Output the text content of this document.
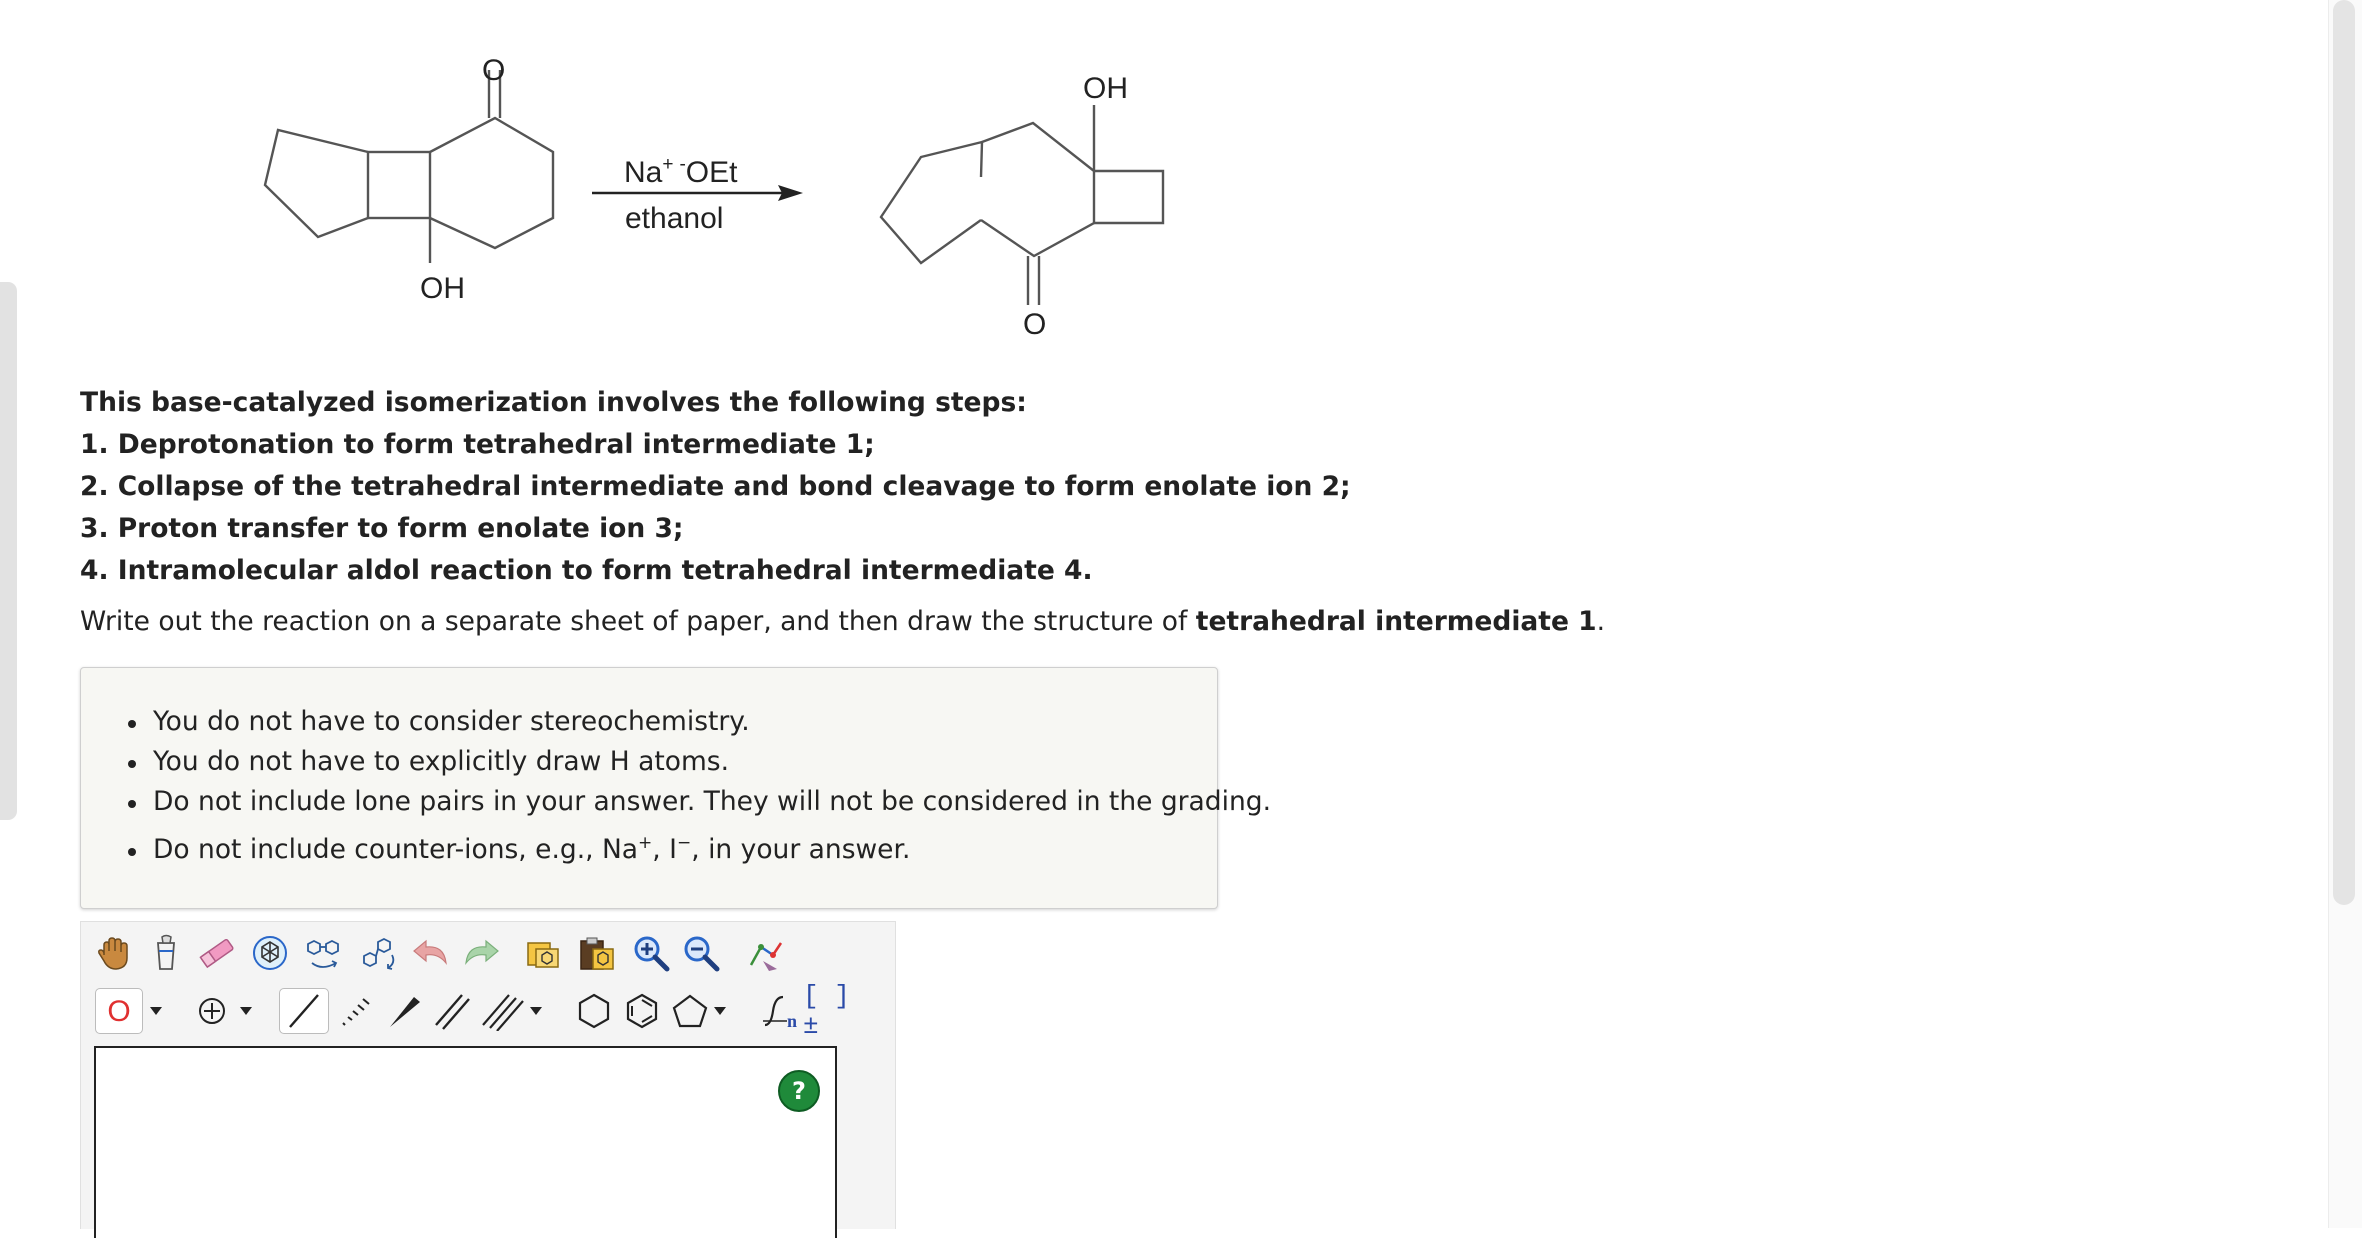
O
OH
Na+ -OEt
ethanol
OH
O
This base-catalyzed isomerization involves the following steps:
1. Deprotonation to form tetrahedral intermediate 1;
2. Collapse of the tetrahedral intermediate and bond cleavage to form enolate ion 2;
3. Proton transfer to form enolate ion 3;
4. Intramolecular aldol reaction to form tetrahedral intermediate 4.
Write out the reaction on a separate sheet of paper, and then draw the structure of tetrahedral intermediate 1.
You do not have to consider stereochemistry.
You do not have to explicitly draw H atoms.
Do not include lone pairs in your answer. They will not be considered in the grading.
Do not include counter-ions, e.g., Na+, I−, in your answer.
O	n
[ ]±
?
